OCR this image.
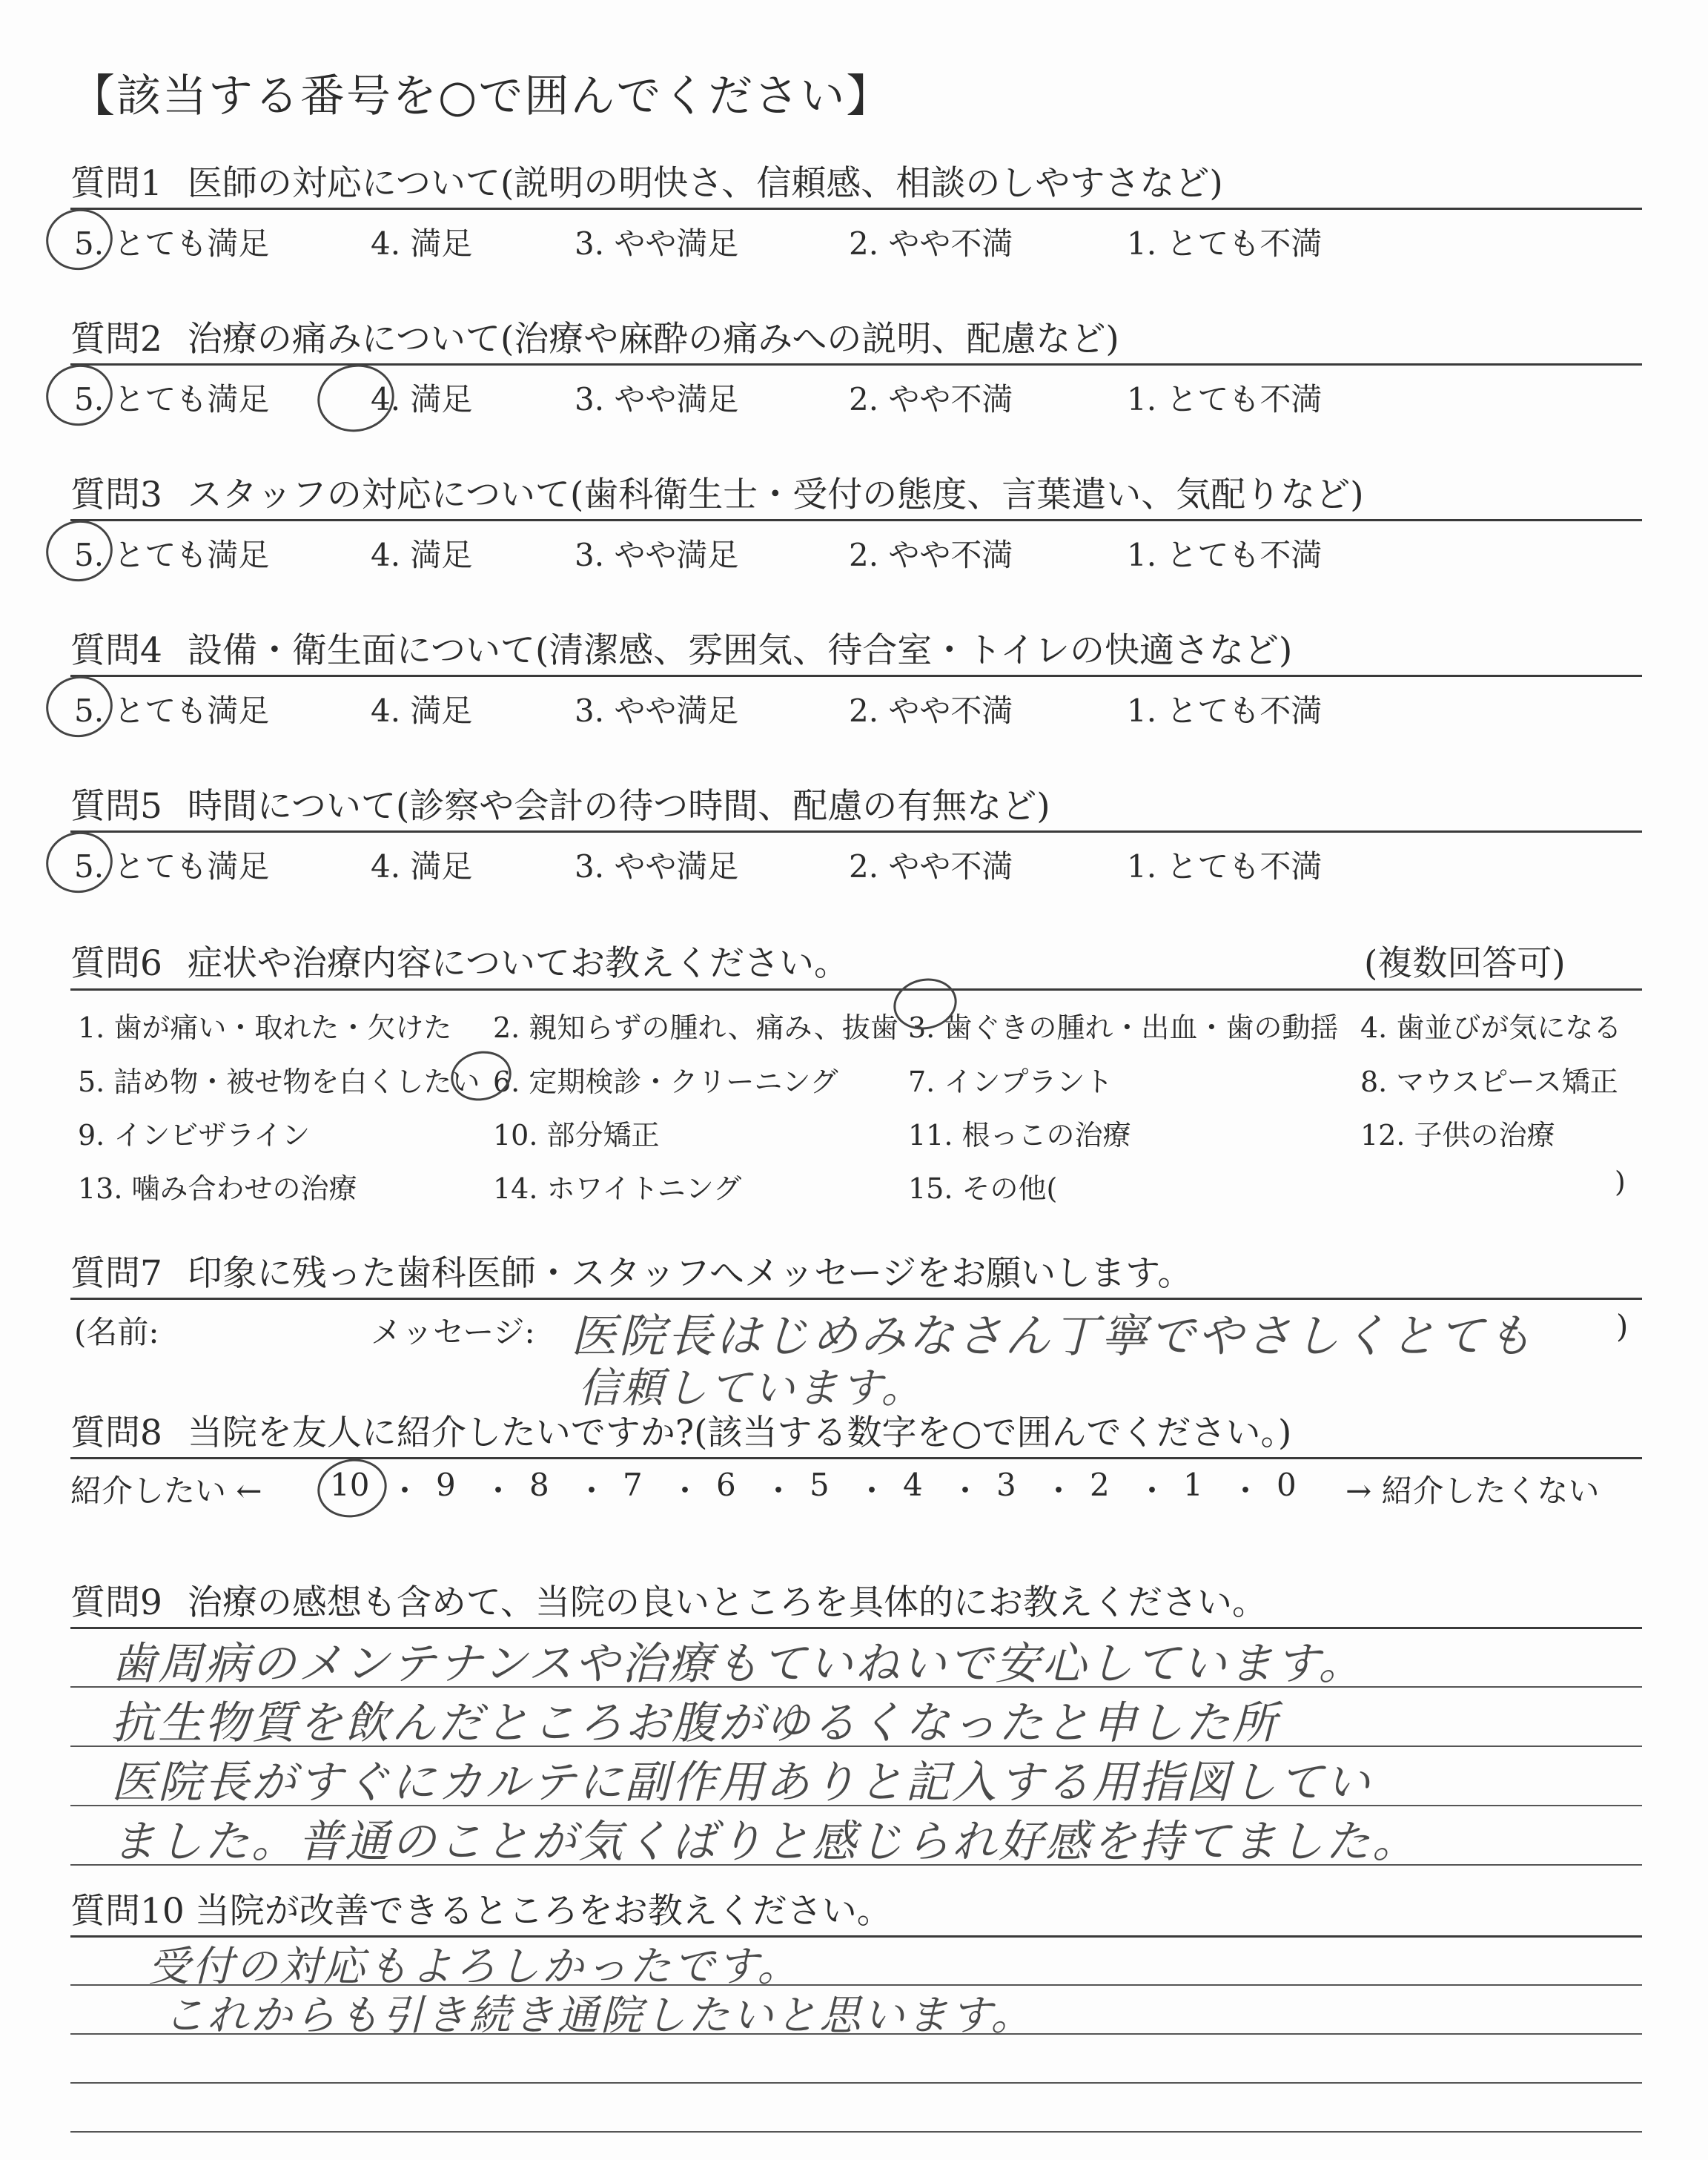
【該当する番号を○で囲んでください】
質問1 医師の対応について(説明の明快さ、信頼感、相談のしやすさなど)
5. とても満足	4. 満足	3. やや満足	2. やや不満	1. とても不満
質問2 治療の痛みについて(治療や麻酔の痛みへの説明、配慮など)
5. とても満足	4. 満足	3. やや満足	2. やや不満	1. とても不満
質問3 スタッフの対応について(歯科衛生士・受付の態度、言葉遣い、気配りなど)
5. とても満足	4. 満足	3. やや満足	2. やや不満	1. とても不満
質問4 設備・衛生面について(清潔感、雰囲気、待合室・トイレの快適さなど)
5. とても満足	4. 満足	3. やや満足	2. やや不満	1. とても不満
質問5 時間について(診察や会計の待つ時間、配慮の有無など)
5. とても満足	4. 満足	3. やや満足	2. やや不満	1. とても不満
質問6 症状や治療内容についてお教えください。	(複数回答可)
1. 歯が痛い・取れた・欠けた 2. 親知らずの腫れ、痛み、抜歯 3. 歯ぐきの腫れ・出血・歯の動揺 4. 歯並びが気になる
5. 詰め物・被せ物を白くしたい 6. 定期検診・クリーニング 7. インプラント	8. マウスピース矯正
9. インビザライン	10. 部分矯正	11. 根っこの治療	12. 子供の治療
13. 噛み合わせの治療	14. ホワイトニング	15. その他(	)
質問7 印象に残った歯科医師・スタッフへメッセージをお願いします。
(名前:	メッセージ:	)
医院長はじめみなさん丁寧でやさしくとても
信頼しています。
質問8 当院を友人に紹介したいですか?(該当する数字を○で囲んでください。)
紹介したい ← 10 ・ 9 ・ 8 ・ 7 ・ 6 ・ 5 ・ 4 ・ 3 ・ 2 ・ 1 ・ 0 → 紹介したくない
質問9 治療の感想も含めて、当院の良いところを具体的にお教えください。
歯周病のメンテナンスや治療もていねいで安心しています。
抗生物質を飲んだところお腹がゆるくなったと申した所
医院長がすぐにカルテに副作用ありと記入する用指図してい
ました。普通のことが気くばりと感じられ好感を持てました。
質問10 当院が改善できるところをお教えください。
受付の対応もよろしかったです。
これからも引き続き通院したいと思います。
